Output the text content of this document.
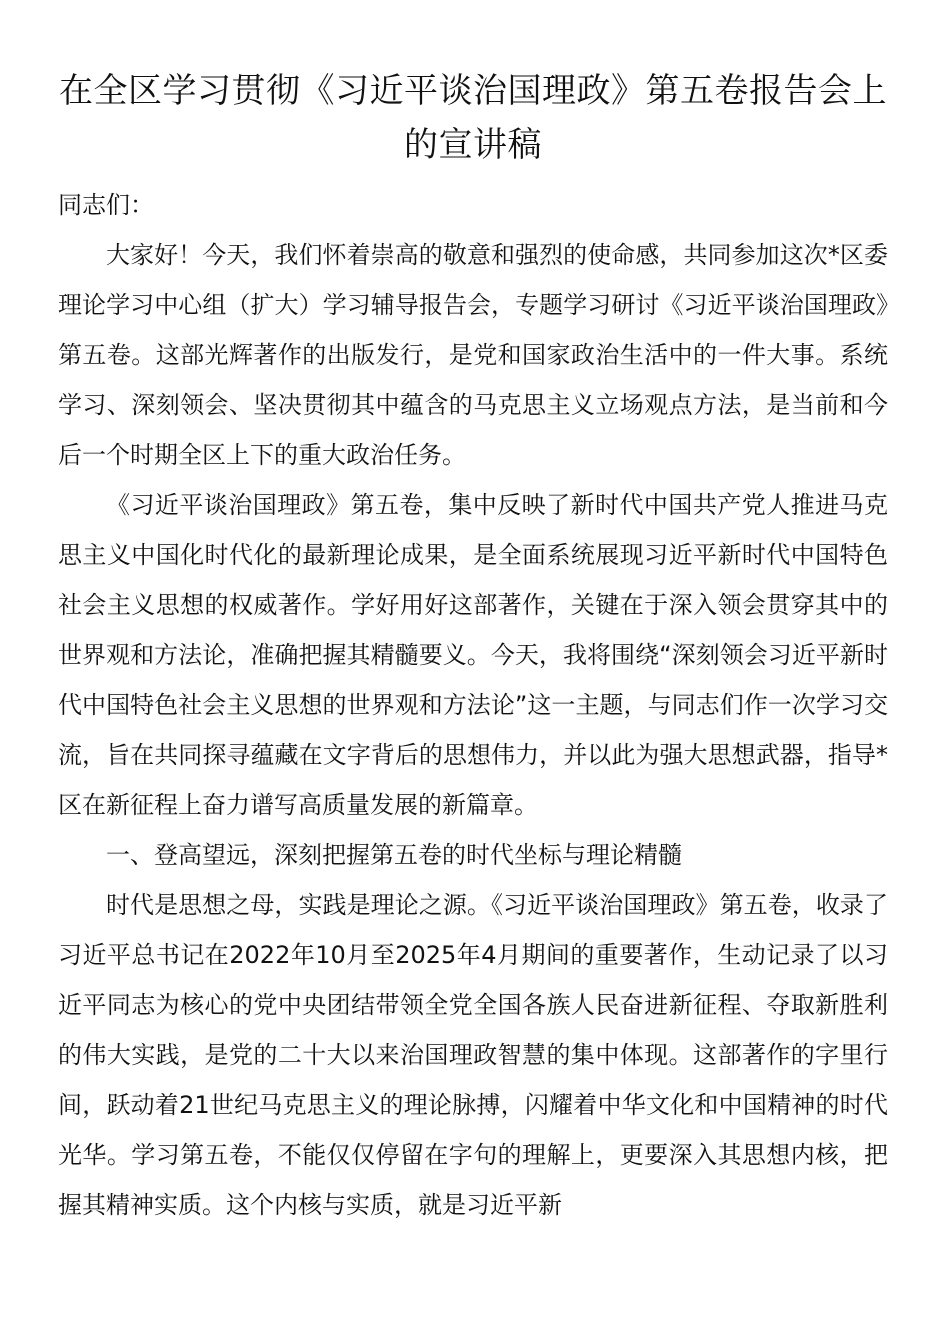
在全区学习贯彻《习近平谈治国理政》第五卷报告会上的宣讲稿

同志们：

大家好！今天，我们怀着崇高的敬意和强烈的使命感，共同参加这次*区委理论学习中心组（扩大）学习辅导报告会，专题学习研讨《习近平谈治国理政》第五卷。这部光辉著作的出版发行，是党和国家政治生活中的一件大事。系统学习、深刻领会、坚决贯彻其中蕴含的马克思主义立场观点方法，是当前和今后一个时期全区上下的重大政治任务。

《习近平谈治国理政》第五卷，集中反映了新时代中国共产党人推进马克思主义中国化时代化的最新理论成果，是全面系统展现习近平新时代中国特色社会主义思想的权威著作。学好用好这部著作，关键在于深入领会贯穿其中的世界观和方法论，准确把握其精髓要义。今天，我将围绕“深刻领会习近平新时代中国特色社会主义思想的世界观和方法论”这一主题，与同志们作一次学习交流，旨在共同探寻蕴藏在文字背后的思想伟力，并以此为强大思想武器，指导*区在新征程上奋力谱写高质量发展的新篇章。

一、登高望远，深刻把握第五卷的时代坐标与理论精髓

时代是思想之母，实践是理论之源。《习近平谈治国理政》第五卷，收录了习近平总书记在2022年10月至2025年4月期间的重要著作，生动记录了以习近平同志为核心的党中央团结带领全党全国各族人民奋进新征程、夺取新胜利的伟大实践，是党的二十大以来治国理政智慧的集中体现。这部著作的字里行间，跃动着21世纪马克思主义的理论脉搏，闪耀着中华文化和中国精神的时代光华。学习第五卷，不能仅仅停留在字句的理解上，更要深入其思想内核，把握其精神实质。这个内核与实质，就是习近平新
